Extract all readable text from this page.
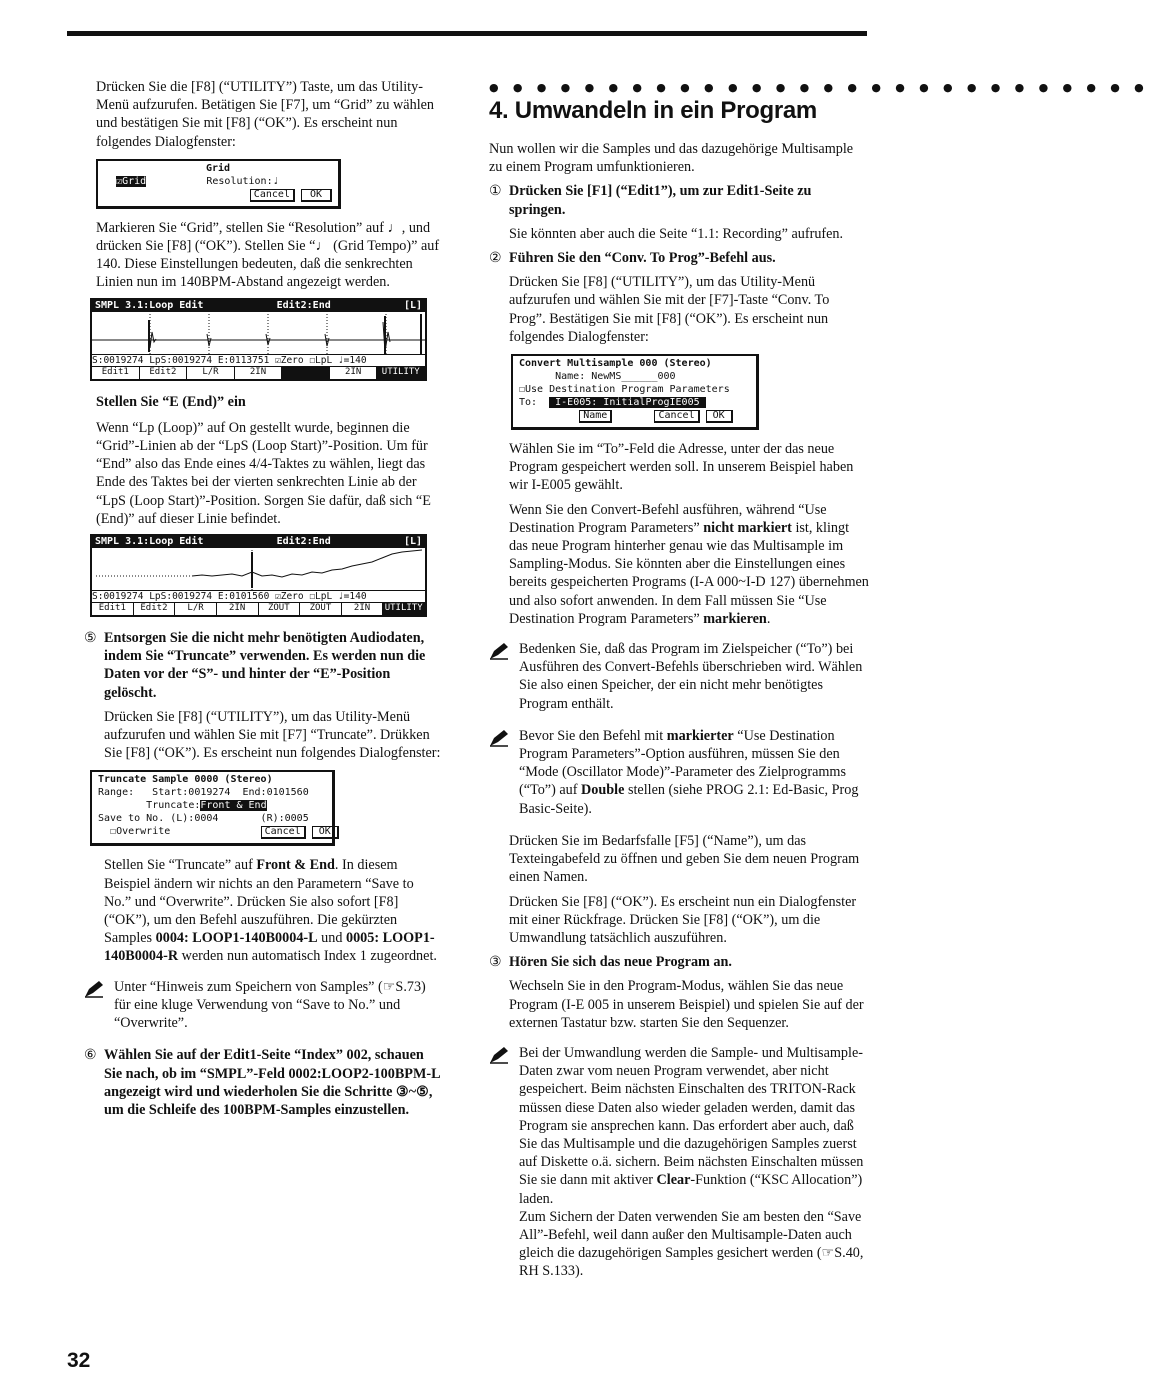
Drücken Sie die [F8] (“UTILITY”) Taste, um das Utility-Menü aufzurufen. Betätigen Sie [F7], um “Grid” zu wählen und bestätigen Sie mit [F8] (“OK”). Es erscheint nun folgendes Dialogfenster:

Grid
☑Grid	Resolution:♩
Cancel OK

Markieren Sie “Grid”, stellen Sie “Resolution” auf ♩, und drücken Sie [F8] (“OK”). Stellen Sie “♩ (Grid Tempo)” auf 140. Diese Einstellungen bedeuten, daß die senkrechten Linien nun im 140BPM-Abstand angezeigt werden.

SMPL 3.1:Loop Edit	Edit2:End	[L]
S:0019274 LpS:0019274 E:0113751 ☑Zero ☐LpL ♩=140
Edit1	Edit2	L/R	2IN	2IN	UTILITY

Stellen Sie “E (End)” ein

Wenn “Lp (Loop)” auf On gestellt wurde, beginnen die “Grid”-Linien ab der “LpS (Loop Start)”-Position. Um für “End” also das Ende eines 4/4-Taktes zu wählen, liegt das Ende des Taktes bei der vierten senkrechten Linie ab der “LpS (Loop Start)”-Position. Sorgen Sie dafür, daß sich “E (End)” auf dieser Linie befindet.

SMPL 3.1:Loop Edit	Edit2:End	[L]
S:0019274 LpS:0019274 E:0101560 ☑Zero ☐LpL ♩=140
Edit1	Edit2	L/R	2IN	ZOUT	ZOUT	2IN	UTILITY

⑤ Entsorgen Sie die nicht mehr benötigten Audiodaten, indem Sie “Truncate” verwenden. Es werden nun die Daten vor der “S”- und hinter der “E”-Position gelöscht.

Drücken Sie [F8] (“UTILITY”), um das Utility-Menü aufzurufen und wählen Sie mit [F7] “Truncate”. Drükken Sie [F8] (“OK”). Es erscheint nun folgendes Dialogfenster:

Truncate Sample 0000 (Stereo)
Range:   Start:0019274  End:0101560
Truncate:Front & End
Save to No. (L):0004       (R):0005
☐Overwrite	Cancel OK

Stellen Sie “Truncate” auf Front & End. In diesem Beispiel ändern wir nichts an den Parametern “Save to No.” und “Overwrite”. Drücken Sie also sofort [F8] (“OK”), um den Befehl auszuführen. Die gekürzten Samples 0004: LOOP1-140B0004-L und 0005: LOOP1-140B0004-R werden nun automatisch Index 1 zugeordnet.

Unter “Hinweis zum Speichern von Samples” (☞S.73) für eine kluge Verwendung von “Save to No.” und “Overwrite”.

⑥ Wählen Sie auf der Edit1-Seite “Index” 002, schauen Sie nach, ob im “SMPL”-Feld 0002:LOOP2-100BPM-L angezeigt wird und wiederholen Sie die Schritte ③~⑤, um die Schleife des 100BPM-Samples einzustellen.

● ● ● ● ● ● ● ● ● ● ● ● ● ● ● ● ● ● ● ● ● ● ● ● ● ● ● ●
4. Umwandeln in ein Program

Nun wollen wir die Samples und das dazugehörige Multisample zu einem Program umfunktionieren.

① Drücken Sie [F1] (“Edit1”), um zur Edit1-Seite zu springen.

Sie könnten aber auch die Seite “1.1: Recording” aufrufen.

② Führen Sie den “Conv. To Prog”-Befehl aus.

Drücken Sie [F8] (“UTILITY”), um das Utility-Menü aufzurufen und wählen Sie mit der [F7]-Taste “Conv. To Prog”. Bestätigen Sie mit [F8] (“OK”). Es erscheint nun folgendes Dialogfenster:

Convert Multisample 000 (Stereo)
Name: NewMS______000
☐Use Destination Program Parameters
To:   I-E005: InitialProgIE005
Name	Cancel OK

Wählen Sie im “To”-Feld die Adresse, unter der das neue Program gespeichert werden soll. In unserem Beispiel haben wir I-E005 gewählt.

Wenn Sie den Convert-Befehl ausführen, während “Use Destination Program Parameters” nicht markiert ist, klingt das neue Program hinterher genau wie das Multisample im Sampling-Modus. Sie könnten aber die Einstellungen eines bereits gespeicherten Programs (I-A 000~I-D 127) übernehmen und also sofort anwenden. In dem Fall müssen Sie “Use Destination Program Parameters” markieren.

Bedenken Sie, daß das Program im Zielspeicher (“To”) bei Ausführen des Convert-Befehls überschrieben wird. Wählen Sie also einen Speicher, der ein nicht mehr benötigtes Program enthält.
Bevor Sie den Befehl mit markierter “Use Destination Program Parameters”-Option ausführen, müssen Sie den “Mode (Oscillator Mode)”-Parameter des Zielprogramms (“To”) auf Double stellen (siehe PROG 2.1: Ed-Basic, Prog Basic-Seite).

Drücken Sie im Bedarfsfalle [F5] (“Name”), um das Texteingabefeld zu öffnen und geben Sie dem neuen Program einen Namen.

Drücken Sie [F8] (“OK”). Es erscheint nun ein Dialogfenster mit einer Rückfrage. Drücken Sie [F8] (“OK”), um die Umwandlung tatsächlich auszuführen.

③ Hören Sie sich das neue Program an.

Wechseln Sie in den Program-Modus, wählen Sie das neue Program (I-E 005 in unserem Beispiel) und spielen Sie auf der externen Tastatur bzw. starten Sie den Sequenzer.

Bei der Umwandlung werden die Sample- und Multisample-Daten zwar vom neuen Program verwendet, aber nicht gespeichert. Beim nächsten Einschalten des TRITON-Rack müssen diese Daten also wieder geladen werden, damit das Program sie ansprechen kann. Das erfordert aber auch, daß Sie das Multisample und die dazugehörigen Samples zuerst auf Diskette o.ä. sichern. Beim nächsten Einschalten müssen Sie sie dann mit aktiver Clear-Funktion (“KSC Allocation”) laden.
Zum Sichern der Daten verwenden Sie am besten den “Save All”-Befehl, weil dann außer den Multisample-Daten auch gleich die dazugehörigen Samples gesichert werden (☞S.40, RH S.133).
32
